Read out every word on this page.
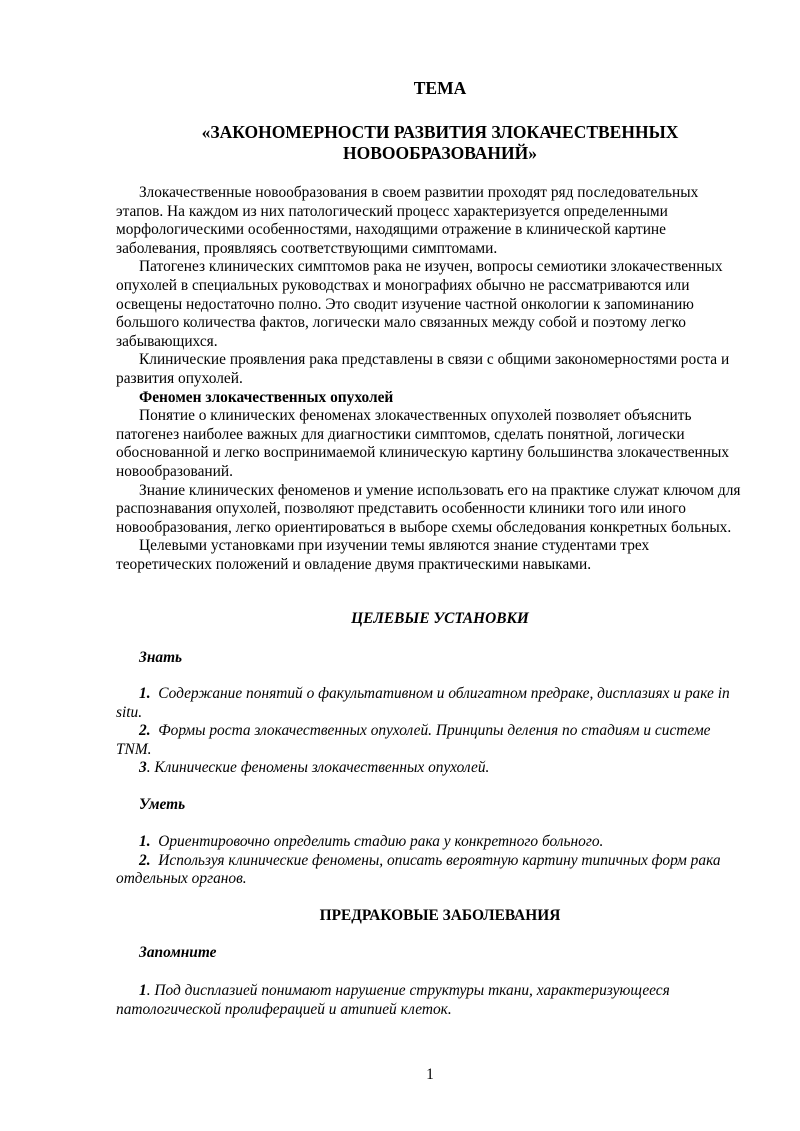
ТЕМА

«ЗАКОНОМЕРНОСТИ РАЗВИТИЯ ЗЛОКАЧЕСТВЕННЫХ
НОВООБРАЗОВАНИЙ»

Злокачественные новообразования в своем развитии проходят ряд последовательных этапов. На каждом из них патологический процесс характеризуется определенными морфологическими особенностями, находящими отражение в клинической картине заболевания, проявляясь соответствующими симптомами.

Патогенез клинических симптомов рака не изучен, вопросы семиотики злокачественных опухолей в специальных руководствах и монографиях обычно не рассматриваются или освещены недостаточно полно. Это сводит изучение частной онкологии к запоминанию большого количества фактов, логически мало связанных между собой и поэтому легко забывающихся.

Клинические проявления рака представлены в связи с общими закономерностями роста и развития опухолей.

Феномен злокачественных опухолей

Понятие о клинических феноменах злокачественных опухолей позволяет объяснить патогенез наиболее важных для диагностики симптомов, сделать понятной, логически обоснованной и легко воспринимаемой клиническую картину большинства злокачественных новообразований.

Знание клинических феноменов и умение использовать его на практике служат ключом для распознавания опухолей, позволяют представить особенности клиники того или иного новообразования, легко ориентироваться в выборе схемы обследования конкретных больных.

Целевыми установками при изучении темы являются знание студентами трех теоретических положений и овладение двумя практическими навыками.

ЦЕЛЕВЫЕ УСТАНОВКИ

Знать

1. Содержание понятий о факультативном и облигатном предраке, дисплазиях и раке in situ.

2. Формы роста злокачественных опухолей. Принципы деления по стадиям и системе TNM.

3. Клинические феномены злокачественных опухолей.

Уметь

1. Ориентировочно определить стадию рака у конкретного больного.

2. Используя клинические феномены, описать вероятную картину типичных форм рака отдельных органов.

ПРЕДРАКОВЫЕ ЗАБОЛЕВАНИЯ

Запомните

1. Под дисплазией понимают нарушение структуры ткани, характеризующееся патологической пролиферацией и атипией клеток.

1
